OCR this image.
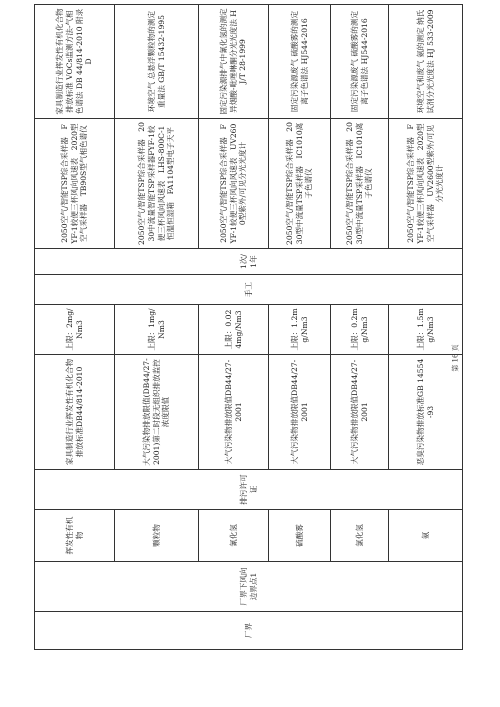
厂界	厂界下风向边界点1	挥发性有机物	排污许可证	家具制造行业挥发性有机化合物排放标准DB44/814-2010	上限：2mg/Nm3	手工	1次/1年	2050空气/智能TSP综合采样器　FYF-1较便三杯风向风速表　2020型空气采样器　TB90S型气相色谱仪	家具制造行业挥发性有机化合物排放标准 VOCs监测方法-气相色谱法 DB 44/814-2010 附录D
		颗粒物		大气污染物排放限值(DB44/27-2001)第二时段无组织排放监控浓度限值	上限：1mg/Nm3			2050空气/智能TSP综合采样器　2030中流量智能TSP采样器FYF-1较便三杯风向风速表　LHS-800C-1恒温恒湿箱　FA1104型电子天平	环境空气 总悬浮颗粒物的测定 重量法 GB/T 15432-1995
		氰化氢		大气污染物排放限值DB44/27-2001	上限：0.024mg/Nm3			2050空气/智能TSP综合采样器　FYF-1较便三杯风向风速表　UV2600型紫外/可见分光光度计	固定污染源排气中氰化氢的测定 异烟酸-吡唑啉酮分光光度法 HJ/T 28-1999
		硫酸雾		大气污染物排放限值DB44/27-2001	上限：1.2mg/Nm3			2050空气/智能TSP综合采样器　2030型中流量TSP采样器　IC1010离子色谱仪	固定污染源废气 硫酸雾的测定 离子色谱法 HJ544-2016
		氯化氢		大气污染物排放限值DB44/27-2001	上限：0.2mg/Nm3			2050空气/智能TSP综合采样器　2030型中流量TSP采样器　IC1010离子色谱仪	固定污染源废气 硫酸雾的测定 离子色谱法 HJ544-2016
		氨		恶臭污染物排放标准GB 14554-93	上限：1.5mg/Nm3			2050空气/智能TSP综合采样器　FYF-1较便三杯风向风速表　2020型空气采样器　UV2600型紫外/可见分光光度计	环境空气和废气 氨的测定 纳氏试剂分光光度法 HJ 533-2009
第 16 页
